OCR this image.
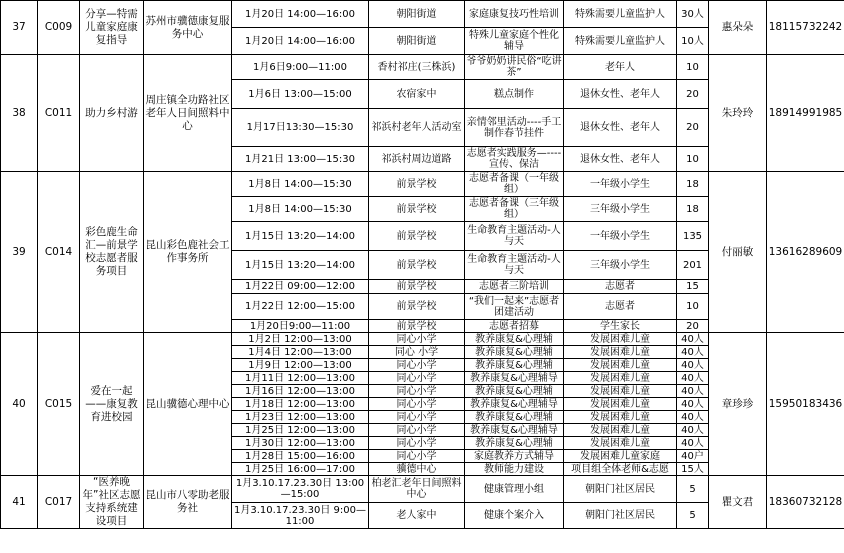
37	C009	分享—特需儿童家庭康复指导	苏州市骥德康复服务中心	1月20日 14:00—16:00	朝阳街道	家庭康复技巧性培训	特殊需要儿童监护人	30人	惠朵朵	18115732242
				1月20日 14:00—16:00	朝阳街道	特殊儿童家庭个性化辅导	特殊需要儿童监护人	10人		
38	C011	助力乡村游	周庄镇全功路社区老年人日间照料中心	1月6日9:00—11:00	香村祁庄(三株浜)	爷爷奶奶讲民俗“吃讲茶”	老年人	10	朱玲玲	18914991985
				1月6日 13:00—15:00	农宿家中	糕点制作	退休女性、老年人	20		
				1月17日13:30—15:30	祁浜村老年人活动室	亲情邻里活动----手工制作春节挂件	退休女性、老年人	20		
				1月21日 13:00—15:30	祁浜村周边道路	志愿者实践服务—----宣传、保洁	退休女性、老年人	10		
39	C014	彩色鹿生命汇—前景学校志愿者服务项目	昆山彩色鹿社会工作事务所	1月8日 14:00—15:30	前景学校	志愿者备课（一年级组）	一年级小学生	18	付丽敏	13616289609
				1月8日 14:00—15:30	前景学校	志愿者备课（三年级组）	三年级小学生	18		
				1月15日 13:20—14:00	前景学校	生命教育主题活动-人与天	一年级小学生	135		
				1月15日 13:20—14:00	前景学校	生命教育主题活动-人与天	三年级小学生	201		
				1月22日 09:00—12:00	前景学校	志愿者三阶培训	志愿者	15		
				1月22日 12:00—15:00	前景学校	“我们一起来”志愿者团建活动	志愿者	10		
				1月20日9:00—11:00	前景学校	志愿者招募	学生家长	20		
40	C015	爱在一起——康复教育进校园	昆山骥德心理中心	1月2日 12:00—13:00	同心小学	教养康复&心理辅	发展困难儿童	40人	章珍珍	15950183436
				1月4日 12:00—13:00	同心 小学	教养康复&心理辅	发展困难儿童	40人		
				1月9日 12:00—13:00	同心小学	教养康复&心理辅	发展困难儿童	40人		
				1月11日 12:00—13:00	同心小学	教养康复&心理辅导	发展困难儿童	40人		
				1月16日 12:00—13:00	同心小学	教养康复&心理辅	发展困难儿童	40人		
				1月18日 12:00—13:00	同心小学	教养康复&心理辅导	发展困难儿童	40人		
				1月23日 12:00—13:00	同心小学	教养康复&心理辅	发展困难儿童	40人		
				1月25日 12:00—13:00	同心小学	教养康复&心理辅导	发展困难儿童	40人		
				1月30日 12:00—13:00	同心小学	教养康复&心理辅	发展困难儿童	40人		
				1月28日 15:00—16:00	同心小学	家庭教养方式辅导	发展困难儿童家庭	40户		
				1月25日 16:00—17:00	骥德中心	教师能力建设	项目组全体老师&志愿	15人		
41	C017	“医养晚年”社区志愿支持系统建设项目	昆山市八零助老服务社	1月3.10.17.23.30日 13:00—15:00	柏老汇老年日间照料中心	健康管理小组	朝阳门社区居民	5	瞿文君	18360732128
				1月3.10.17.23.30日 9:00—11:00	老人家中	健康个案介入	朝阳门社区居民	5		
